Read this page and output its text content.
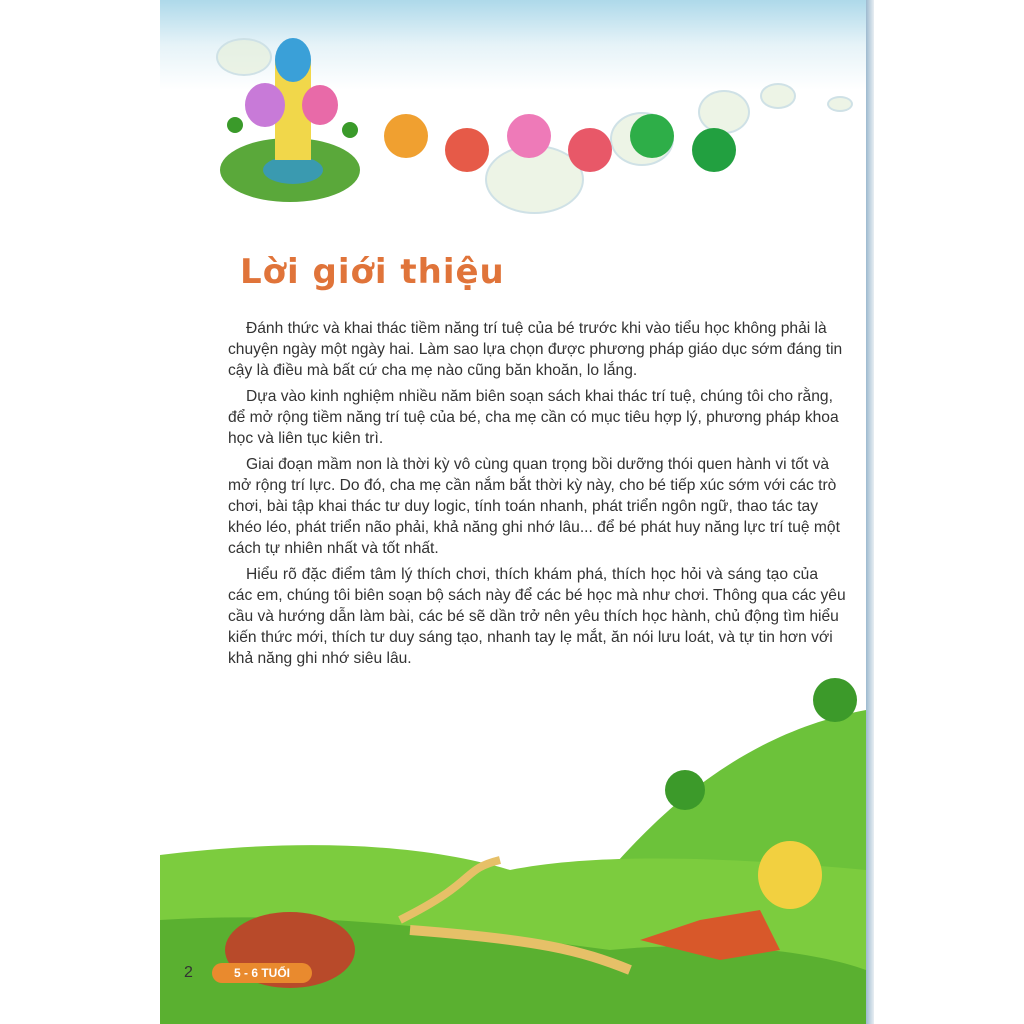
Lời giới thiệu

Đánh thức và khai thác tiềm năng trí tuệ của bé trước khi vào tiểu học không phải là
chuyện ngày một ngày hai. Làm sao lựa chọn được phương pháp giáo dục sớm đáng tin
cậy là điều mà bất cứ cha mẹ nào cũng băn khoăn, lo lắng.

Dựa vào kinh nghiệm nhiều năm biên soạn sách khai thác trí tuệ, chúng tôi cho rằng,
để mở rộng tiềm năng trí tuệ của bé, cha mẹ cần có mục tiêu hợp lý, phương pháp khoa
học và liên tục kiên trì.

Giai đoạn mầm non là thời kỳ vô cùng quan trọng bồi dưỡng thói quen hành vi tốt và
mở rộng trí lực. Do đó, cha mẹ cần nắm bắt thời kỳ này, cho bé tiếp xúc sớm với các trò
chơi, bài tập khai thác tư duy logic, tính toán nhanh, phát triển ngôn ngữ, thao tác tay
khéo léo, phát triển não phải, khả năng ghi nhớ lâu... để bé phát huy năng lực trí tuệ một
cách tự nhiên nhất và tốt nhất.

Hiểu rõ đặc điểm tâm lý thích chơi, thích khám phá, thích học hỏi và sáng tạo của
các em, chúng tôi biên soạn bộ sách này để các bé học mà như chơi. Thông qua các yêu
cầu và hướng dẫn làm bài, các bé sẽ dần trở nên yêu thích học hành, chủ động tìm hiểu
kiến thức mới, thích tư duy sáng tạo, nhanh tay lẹ mắt, ăn nói lưu loát, và tự tin hơn với
khả năng ghi nhớ siêu lâu.

2	5 - 6 TUỔI
